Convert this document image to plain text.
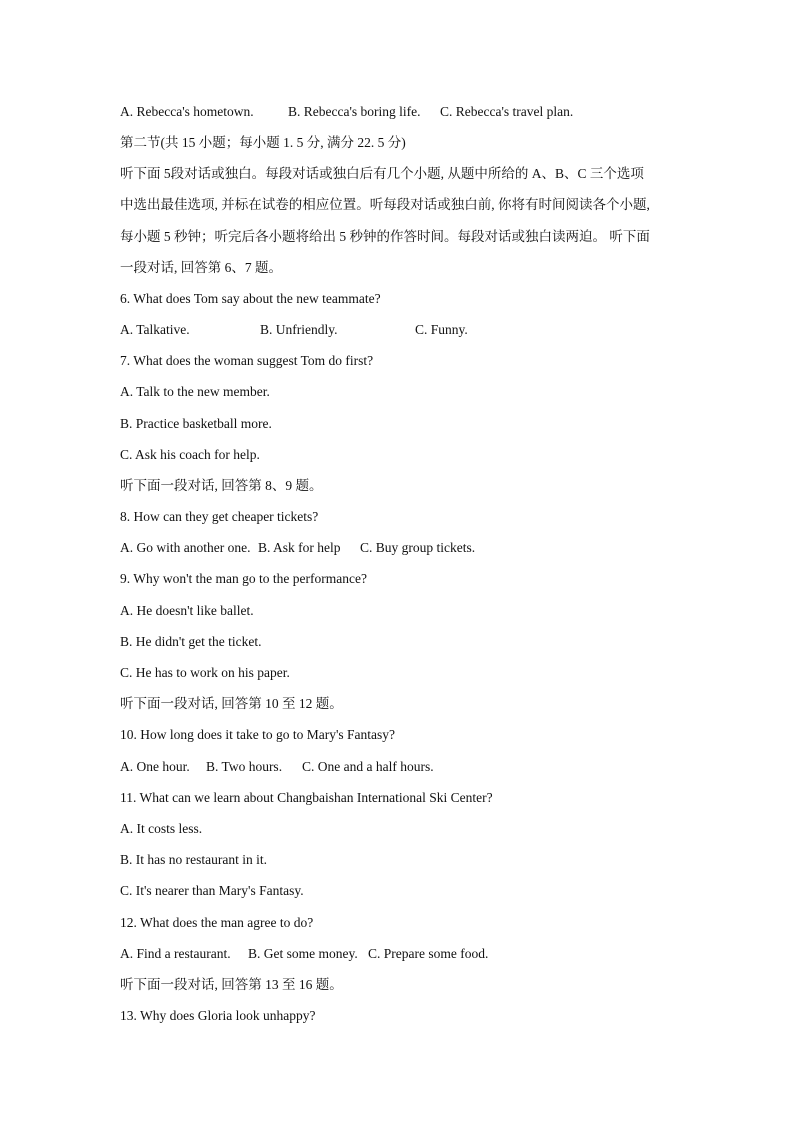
A. Rebecca's hometown.	B. Rebecca's boring life.	C. Rebecca's travel plan.
第二节(共 15 小题；每小题 1. 5 分, 满分 22. 5 分)
听下面 5段对话或独白。每段对话或独白后有几个小题, 从题中所给的 A、B、C 三个选项
中选出最佳选项, 并标在试卷的相应位置。听每段对话或独白前, 你将有时间阅读各个小题,
每小题 5 秒钟；听完后各小题将给出 5 秒钟的作答时间。每段对话或独白读两迫。 听下面
一段对话, 回答第 6、7 题。
6. What does Tom say about the new teammate?
A. Talkative.	B. Unfriendly.	C. Funny.
7. What does the woman suggest Tom do first?
A. Talk to the new member.
B. Practice basketball more.
C. Ask his coach for help.
听下面一段对话, 回答第 8、9 题。
8. How can they get cheaper tickets?
A. Go with another one. B. Ask for help	C. Buy group tickets.
9. Why won't the man go to the performance?
A. He doesn't like ballet.
B. He didn't get the ticket.
C. He has to work on his paper.
听下面一段对话, 回答第 10 至 12 题。
10. How long does it take to go to Mary's Fantasy?
A. One hour.	B. Two hours.	C. One and a half hours.
11. What can we learn about Changbaishan International Ski Center?
A. It costs less.
B. It has no restaurant in it.
C. It's nearer than Mary's Fantasy.
12. What does the man agree to do?
A. Find a restaurant.	B. Get some money. C. Prepare some food.
听下面一段对话, 回答第 13 至 16 题。
13. Why does Gloria look unhappy?
